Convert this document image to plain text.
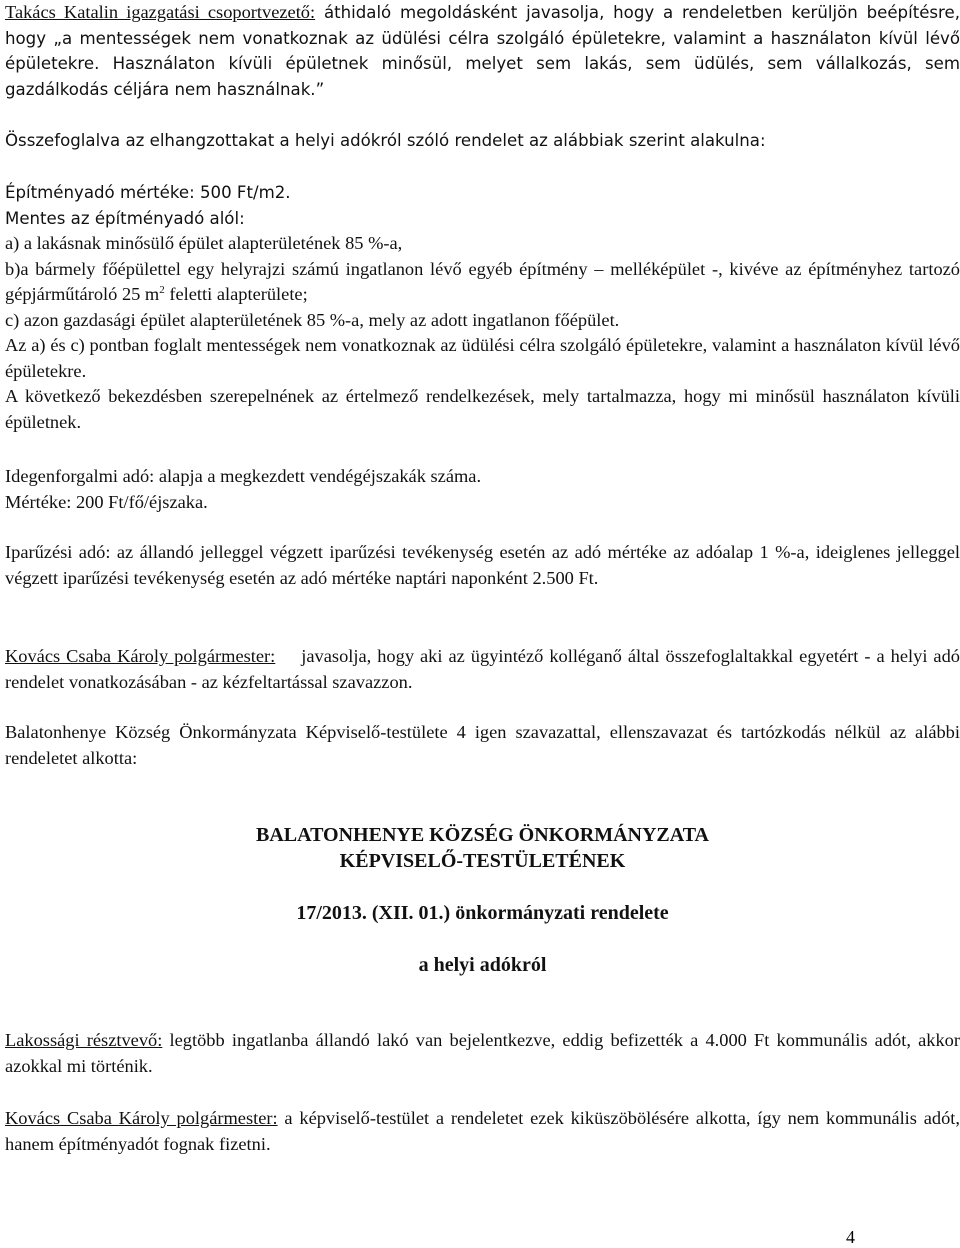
Takács Katalin igazgatási csoportvezető: áthidaló megoldásként javasolja, hogy a rendeletben kerüljön beépítésre, hogy „a mentességek nem vonatkoznak az üdülési célra szolgáló épületekre, valamint a használaton kívül lévő épületekre. Használaton kívüli épületnek minősül, melyet sem lakás, sem üdülés, sem vállalkozás, sem gazdálkodás céljára nem használnak.”

Összefoglalva az elhangzottakat a helyi adókról szóló rendelet az alábbiak szerint alakulna:

Építményadó mértéke: 500 Ft/m2.

Mentes az építményadó alól:

a) a lakásnak minősülő épület alapterületének 85 %-a,

b)a bármely főépülettel egy helyrajzi számú ingatlanon lévő egyéb építmény – melléképület -, kivéve az építményhez tartozó gépjárműtároló 25 $m^2$ feletti alapterülete;

c) azon gazdasági épület alapterületének 85 %-a, mely az adott ingatlanon főépület.

Az a) és c) pontban foglalt mentességek nem vonatkoznak az üdülési célra szolgáló épületekre, valamint a használaton kívül lévő épületekre.

A következő bekezdésben szerepelnének az értelmező rendelkezések, mely tartalmazza, hogy mi minősül használaton kívüli épületnek.

Idegenforgalmi adó: alapja a megkezdett vendégéjszakák száma.

Mértéke: 200 Ft/fő/éjszaka.

Iparűzési adó: az állandó jelleggel végzett iparűzési tevékenység esetén az adó mértéke az adóalap 1 %-a, ideiglenes jelleggel végzett iparűzési tevékenység esetén az adó mértéke naptári naponként 2.500 Ft.

Kovács Csaba Károly polgármester: javasolja, hogy aki az ügyintéző kolléganő által összefoglaltakkal egyetért - a helyi adó rendelet vonatkozásában - az kézfeltartással szavazzon.

Balatonhenye Község Önkormányzata Képviselő-testülete 4 igen szavazattal, ellenszavazat és tartózkodás nélkül az alábbi rendeletet alkotta:

BALATONHENYE KÖZSÉG ÖNKORMÁNYZATA

KÉPVISELŐ-TESTÜLETÉNEK

17/2013. (XII. 01.) önkormányzati rendelete

a helyi adókról

Lakossági résztvevő: legtöbb ingatlanba állandó lakó van bejelentkezve, eddig befizették a 4.000 Ft kommunális adót, akkor azokkal mi történik.

Kovács Csaba Károly polgármester: a képviselő-testület a rendeletet ezek kiküszöbölésére alkotta, így nem kommunális adót, hanem építményadót fognak fizetni.

4
